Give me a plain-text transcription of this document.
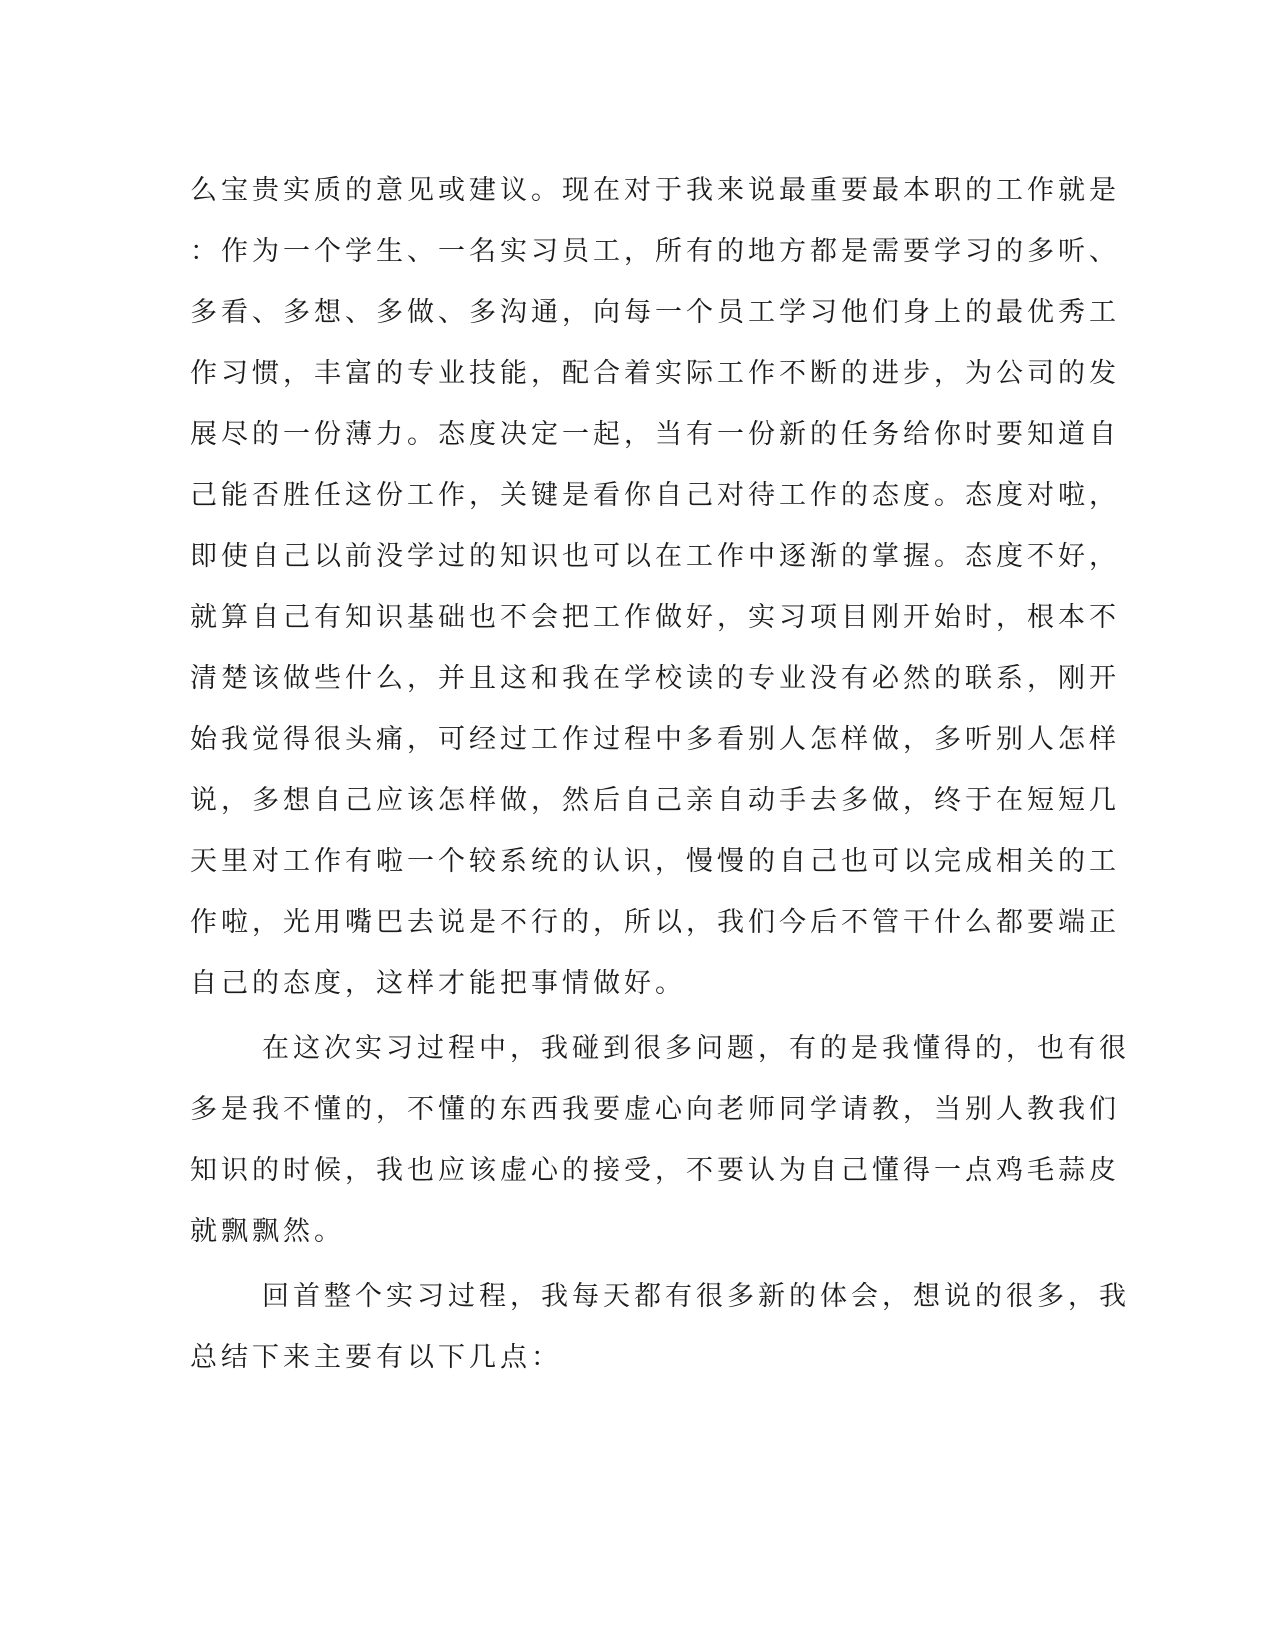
么宝贵实质的意见或建议。现在对于我来说最重要最本职的工作就是
：作为一个学生、一名实习员工，所有的地方都是需要学习的多听、
多看、多想、多做、多沟通，向每一个员工学习他们身上的最优秀工
作习惯，丰富的专业技能，配合着实际工作不断的进步，为公司的发
展尽的一份薄力。态度决定一起，当有一份新的任务给你时要知道自
己能否胜任这份工作，关键是看你自己对待工作的态度。态度对啦，
即使自己以前没学过的知识也可以在工作中逐渐的掌握。态度不好，
就算自己有知识基础也不会把工作做好，实习项目刚开始时，根本不
清楚该做些什么，并且这和我在学校读的专业没有必然的联系，刚开
始我觉得很头痛，可经过工作过程中多看别人怎样做，多听别人怎样
说，多想自己应该怎样做，然后自己亲自动手去多做，终于在短短几
天里对工作有啦一个较系统的认识，慢慢的自己也可以完成相关的工
作啦，光用嘴巴去说是不行的，所以，我们今后不管干什么都要端正
自己的态度，这样才能把事情做好。
在这次实习过程中，我碰到很多问题，有的是我懂得的，也有很
多是我不懂的，不懂的东西我要虚心向老师同学请教，当别人教我们
知识的时候，我也应该虚心的接受，不要认为自己懂得一点鸡毛蒜皮
就飘飘然。
回首整个实习过程，我每天都有很多新的体会，想说的很多，我
总结下来主要有以下几点：
